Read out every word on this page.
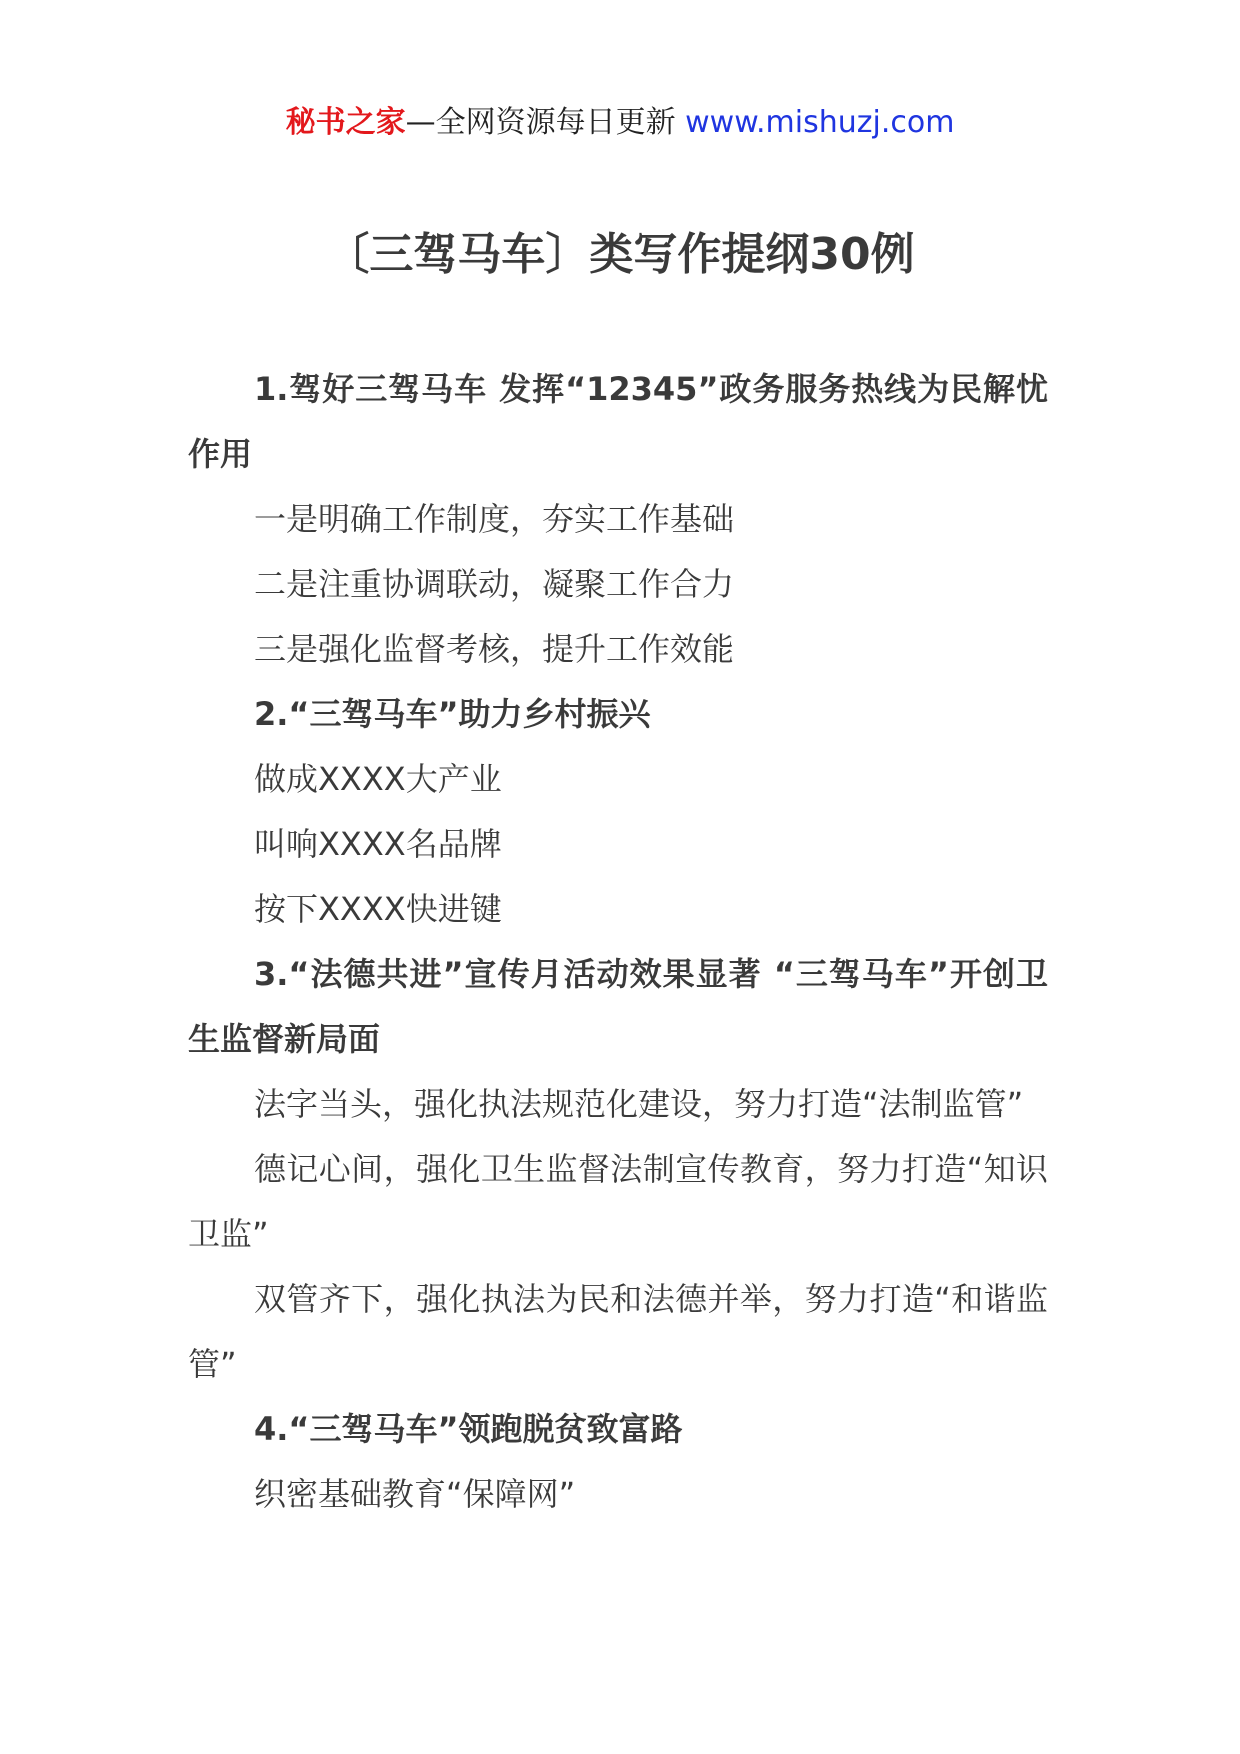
秘书之家—全网资源每日更新 www.mishuzj.com
〔三驾马车〕类写作提纲30例

1.驾好三驾马车 发挥“12345”政务服务热线为民解忧作用

一是明确工作制度，夯实工作基础

二是注重协调联动，凝聚工作合力

三是强化监督考核，提升工作效能

2.“三驾马车”助力乡村振兴

做成XXXX大产业

叫响XXXX名品牌

按下XXXX快进键

3.“法德共进”宣传月活动效果显著 “三驾马车”开创卫生监督新局面

法字当头，强化执法规范化建设，努力打造“法制监管”

德记心间，强化卫生监督法制宣传教育，努力打造“知识卫监”

双管齐下，强化执法为民和法德并举，努力打造“和谐监管”

4.“三驾马车”领跑脱贫致富路

织密基础教育“保障网”
